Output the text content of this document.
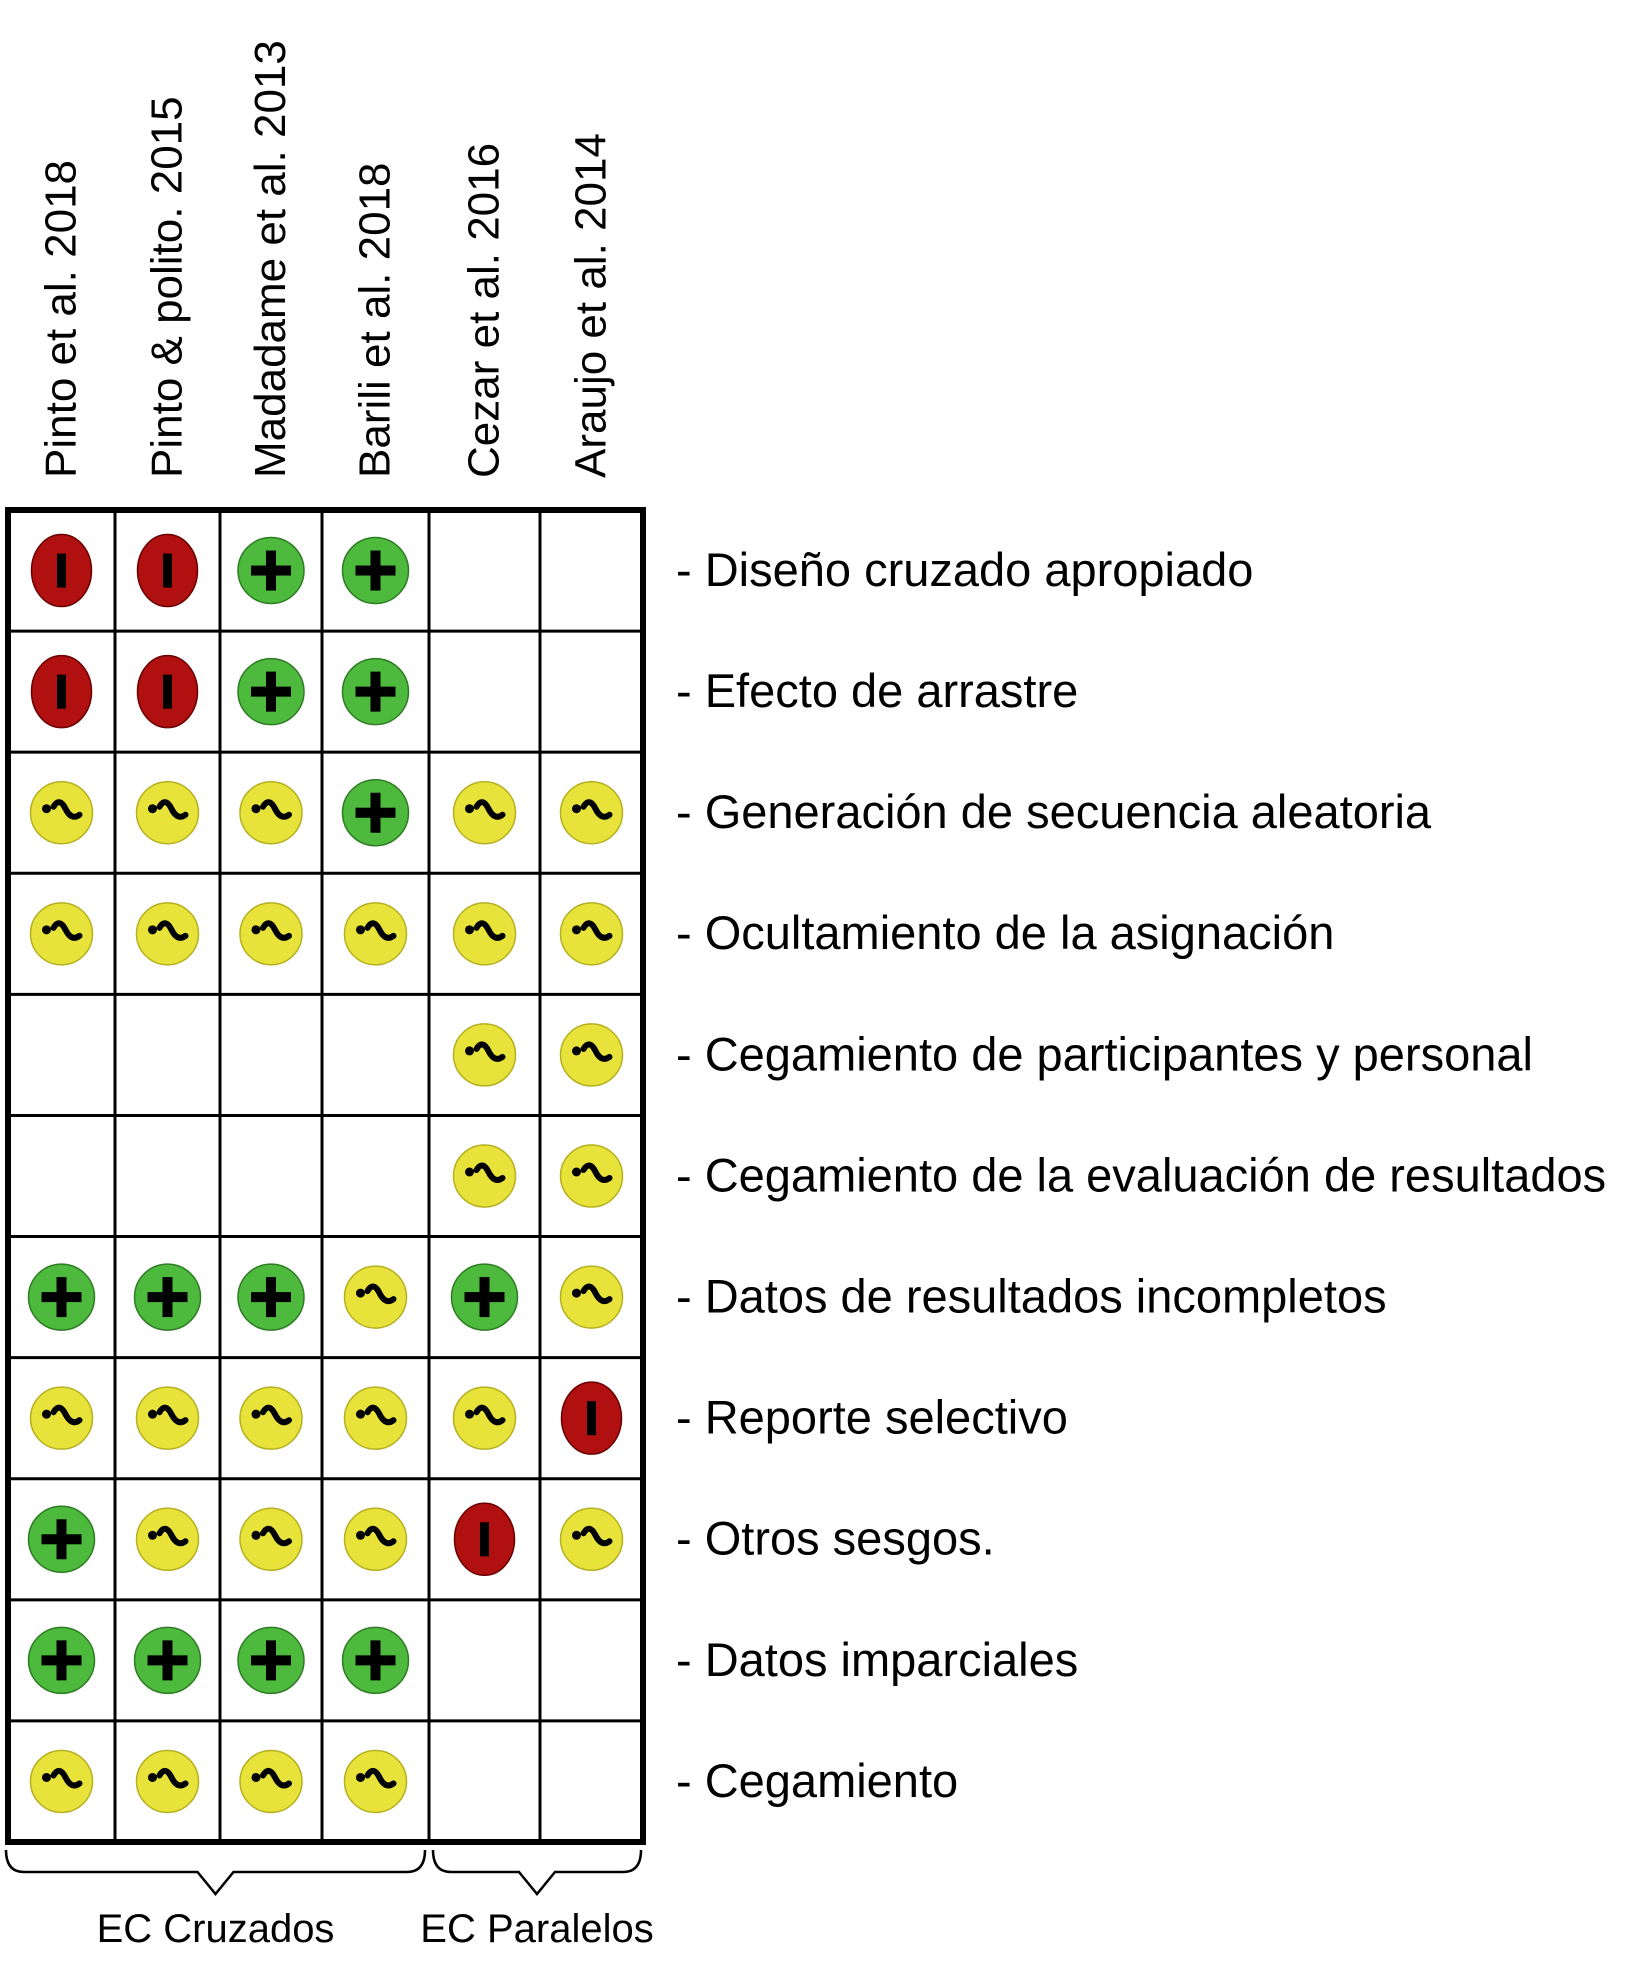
Pinto et al. 2018 Pinto & polito. 2015 Madadame et al. 2013 Barili et al. 2018 Cezar et al. 2016 Araujo et al. 2014
- Diseño cruzado apropiado
- Efecto de arrastre
- Generación de secuencia aleatoria
- Ocultamiento de la asignación
- Cegamiento de participantes y personal
- Cegamiento de la evaluación de resultados
- Datos de resultados incompletos
- Reporte selectivo
- Otros sesgos.
- Datos imparciales
- Cegamiento
EC Cruzados EC Paralelos
